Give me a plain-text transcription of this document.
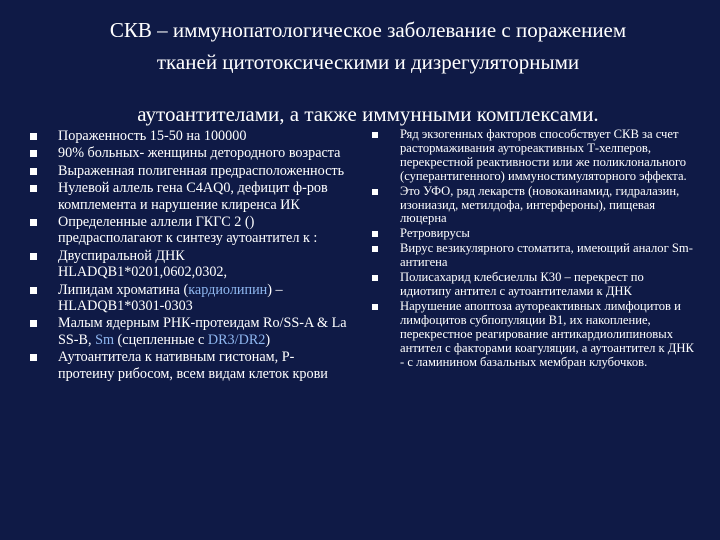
СКВ – иммунопатологическое заболевание с поражением
тканей цитотоксическими и дизрегуляторными
аутоантителами, а также иммунными комплексами.
Пораженность 15-50 на 100000
90% больных- женщины детородного возраста
Выраженная полигенная предрасположенность
Нулевой аллель гена C4AQ0, дефицит ф-ров комплемента и нарушение клиренса ИК
Определенные аллели ГКГС 2 () предрасполагают к синтезу аутоантител к :
Двуспиральной ДНК HLADQB1*0201,0602,0302,
Липидам хроматина (кардиолипин) – HLADQB1*0301-0303
Малым ядерным РНК-протеидам Ro/SS-A & La SS-B, Sm (сцепленные с DR3/DR2)
Аутоантитела к нативным гистонам, P-протеину рибосом, всем видам клеток крови
Ряд экзогенных факторов способствует СКВ за счет растормаживания аутореактивных Т-хелперов, перекрестной реактивности или же поликлонального (суперантигенного) иммуностимуляторного эффекта.
Это УФО, ряд лекарств (новокаинамид, гидралазин, изониазид, метилдофа, интерфероны), пищевая люцерна
Ретровирусы
Вирус везикулярного стоматита, имеющий аналог Sm-антигена
Полисахарид клебсиеллы К30 – перекрест по идиотипу антител с аутоантителами к ДНК
Нарушение апоптоза аутореактивных лимфоцитов и лимфоцитов субпопуляции В1, их накопление, перекрестное реагирование антикардиолипиновых антител с факторами коагуляции, а аутоантител к ДНК - с ламинином базальных мембран клубочков.
